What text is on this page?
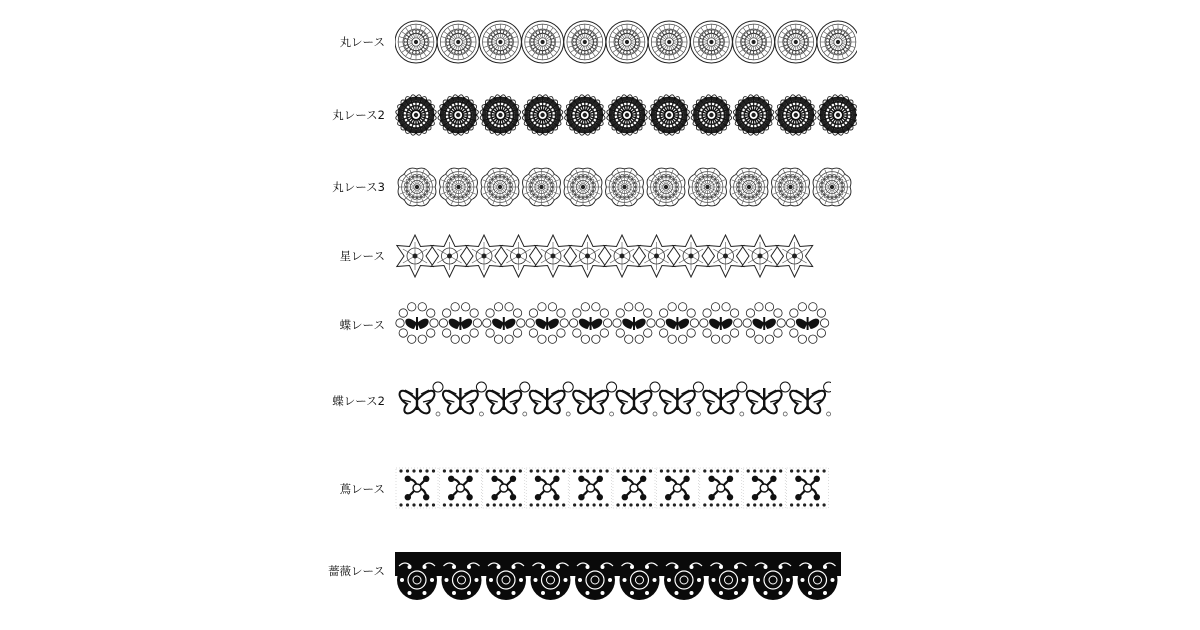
丸レース
丸レース2
丸レース3
星レース
蝶レース
蝶レース2
蔦レース
薔薇レース
